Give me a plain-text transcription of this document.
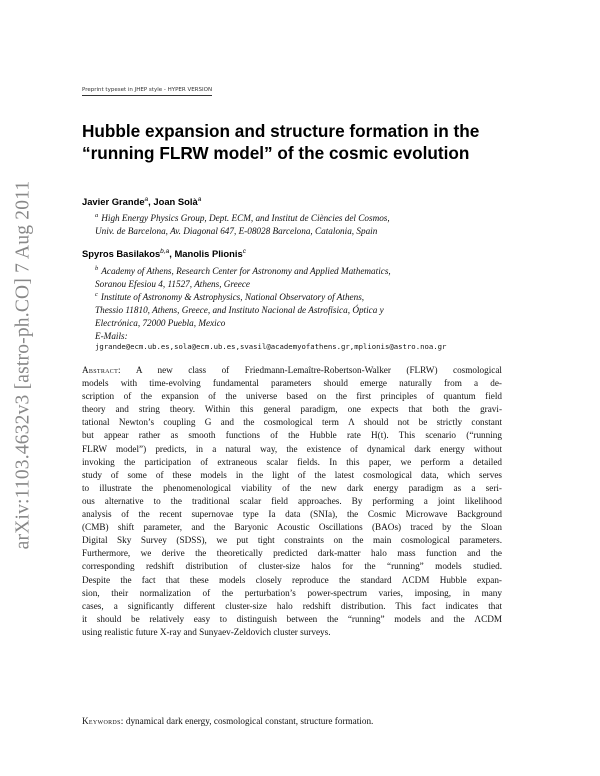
arXiv:1103.4632v3 [astro-ph.CO] 7 Aug 2011
Preprint typeset in JHEP style - HYPER VERSION
Hubble expansion and structure formation in the
“running FLRW model” of the cosmic evolution
Javier Grande$^a$, Joan Solà$^a$
$^a$ High Energy Physics Group, Dept. ECM, and Institut de Ciències del Cosmos,
Univ. de Barcelona, Av. Diagonal 647, E-08028 Barcelona, Catalonia, Spain
Spyros Basilakos$^{b,a}$, Manolis Plionis$^c$
$^b$ Academy of Athens, Research Center for Astronomy and Applied Mathematics,
Soranou Efesiou 4, 11527, Athens, Greece
$^c$ Institute of Astronomy & Astrophysics, National Observatory of Athens,
Thessio 11810, Athens, Greece, and Instituto Nacional de Astrofísica, Óptica y
Electrónica, 72000 Puebla, Mexico
E-Mails:
jgrande@ecm.ub.es,sola@ecm.ub.es,svasil@academyofathens.gr,mplionis@astro.noa.gr
Abstract: A new class of Friedmann-Lemaître-Robertson-Walker (FLRW) cosmological
models with time-evolving fundamental parameters should emerge naturally from a de-
scription of the expansion of the universe based on the first principles of quantum field
theory and string theory. Within this general paradigm, one expects that both the gravi-
tational Newton’s coupling G and the cosmological term Λ should not be strictly constant
but appear rather as smooth functions of the Hubble rate H(t). This scenario (“running
FLRW model”) predicts, in a natural way, the existence of dynamical dark energy without
invoking the participation of extraneous scalar fields. In this paper, we perform a detailed
study of some of these models in the light of the latest cosmological data, which serves
to illustrate the phenomenological viability of the new dark energy paradigm as a seri-
ous alternative to the traditional scalar field approaches. By performing a joint likelihood
analysis of the recent supernovae type Ia data (SNIa), the Cosmic Microwave Background
(CMB) shift parameter, and the Baryonic Acoustic Oscillations (BAOs) traced by the Sloan
Digital Sky Survey (SDSS), we put tight constraints on the main cosmological parameters.
Furthermore, we derive the theoretically predicted dark-matter halo mass function and the
corresponding redshift distribution of cluster-size halos for the “running” models studied.
Despite the fact that these models closely reproduce the standard ΛCDM Hubble expan-
sion, their normalization of the perturbation’s power-spectrum varies, imposing, in many
cases, a significantly different cluster-size halo redshift distribution. This fact indicates that
it should be relatively easy to distinguish between the “running” models and the ΛCDM
using realistic future X-ray and Sunyaev-Zeldovich cluster surveys.
Keywords: dynamical dark energy, cosmological constant, structure formation.
